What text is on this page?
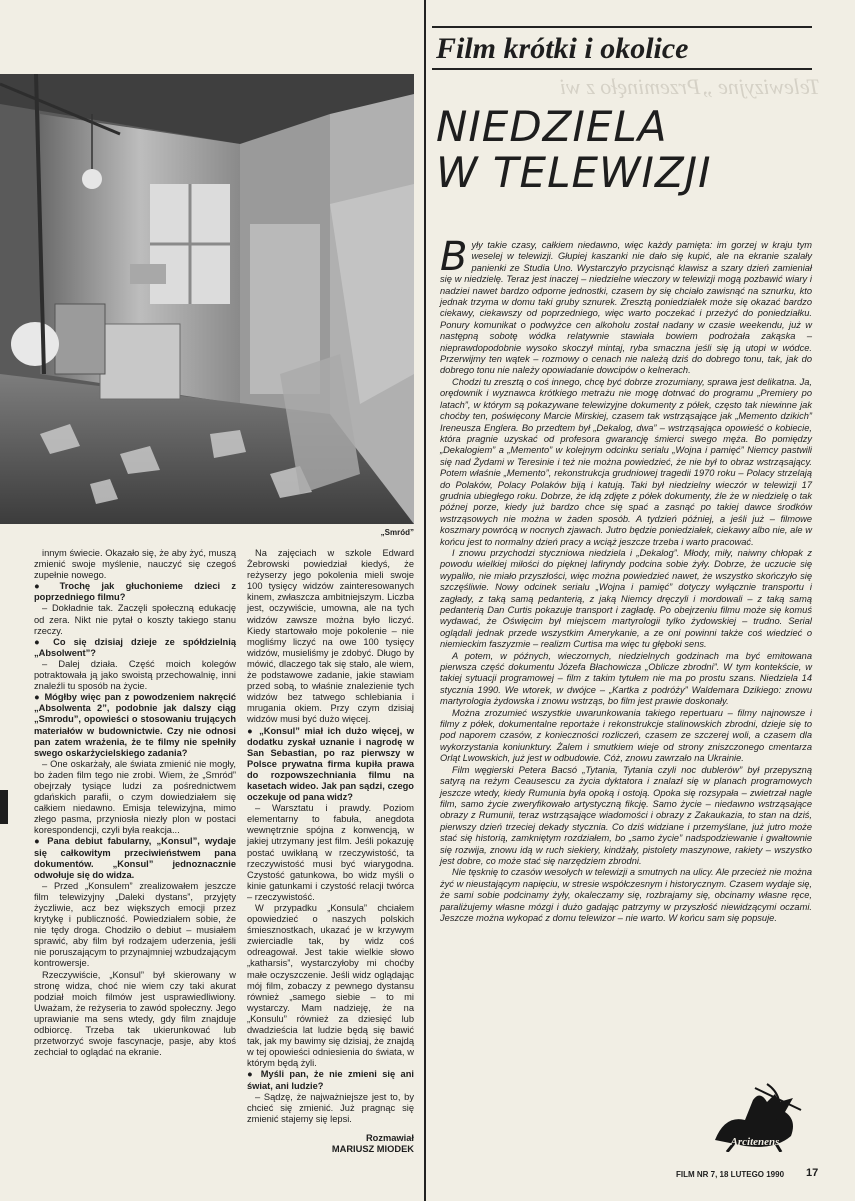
„Smród”

innym świecie. Okazało się, że aby żyć, muszą zmienić swoje myślenie, nauczyć się czegoś zupełnie nowego.

● Trochę jak głuchonieme dzieci z poprzedniego filmu?

– Dokładnie tak. Zaczęli społeczną edukację od zera. Nikt nie pytał o koszty takiego stanu rzeczy.

● Co się dzisiaj dzieje ze spółdzielnią „Absolwent”?

– Dalej działa. Część moich kolegów potraktowała ją jako swoistą przechowalnię, inni znaleźli tu sposób na życie.

● Mógłby więc pan z powodzeniem nakręcić „Absolwenta 2”, podobnie jak dalszy ciąg „Smrodu”, opowieści o stosowaniu trujących materiałów w budownictwie. Czy nie odnosi pan zatem wrażenia, że te filmy nie spełniły swego oskarżycielskiego zadania?

– One oskarżały, ale świata zmienić nie mogły, bo żaden film tego nie zrobi. Wiem, że „Smród” obejrzały tysiące ludzi za pośrednictwem gdańskich parafii, o czym dowiedziałem się całkiem niedawno. Emisja telewizyjna, mimo złego pasma, przyniosła niezły plon w postaci korespondencji, czyli była reakcja...

● Pana debiut fabularny, „Konsul”, wydaje się całkowitym przeciwieństwem pana dokumentów. „Konsul” jednoznacznie odwołuje się do widza.

– Przed „Konsulem” zrealizowałem jeszcze film telewizyjny „Daleki dystans”, przyjęty życzliwie, acz bez większych emocji przez krytykę i publiczność. Powiedziałem sobie, że nie tędy droga. Chodziło o debiut – musiałem sprawić, aby film był rodzajem uderzenia, jeśli nie poruszającym to przynajmniej wzbudzającym kontrowersje.

Rzeczywiście, „Konsul” był skierowany w stronę widza, choć nie wiem czy taki akurat podział moich filmów jest usprawiedliwiony. Uważam, że reżyseria to zawód społeczny. Jego uprawianie ma sens wtedy, gdy film znajduje odbiorcę. Trzeba tak ukierunkować lub przetworzyć swoje fascynacje, pasje, aby ktoś zechciał to oglądać na ekranie.

Na zajęciach w szkole Edward Żebrowski powiedział kiedyś, że reżyserzy jego pokolenia mieli swoje 100 tysięcy widzów zainteresowanych kinem, zwłaszcza ambitniejszym. Liczba jest, oczywiście, umowna, ale na tych widzów zawsze można było liczyć. Kiedy startowało moje pokolenie – nie mogliśmy liczyć na owe 100 tysięcy widzów, musieliśmy je zdobyć. Długo by mówić, dlaczego tak się stało, ale wiem, że podstawowe zadanie, jakie stawiam przed sobą, to właśnie znalezienie tych widzów bez tatwego schlebiania i mrugania okiem. Przy czym dzisiaj widzów musi być dużo więcej.

● „Konsul” miał ich dużo więcej, w dodatku zyskał uznanie i nagrodę w San Sebastian, po raz pierwszy w Polsce prywatna firma kupiła prawa do rozpowszechniania filmu na kasetach wideo. Jak pan sądzi, czego oczekuje od pana widz?

– Warsztatu i prawdy. Poziom elementarny to fabuła, anegdota wewnętrznie spójna z konwencją, w jakiej utrzymany jest film. Jeśli pokazuję postać uwikłaną w rzeczywistość, ta rzeczywistość musi być wiarygodna. Czystość gatunkowa, bo widz myśli o kinie gatunkami i czystość relacji twórca – rzeczywistość.

W przypadku „Konsula” chciałem opowiedzieć o naszych polskich śmiesznostkach, ukazać je w krzywym zwierciadle tak, by widz coś odreagował. Jest takie wielkie słowo „katharsis”, wystarczyłoby mi choćby małe oczyszczenie. Jeśli widz oglądając mój film, zobaczy z pewnego dystansu również „samego siebie – to mi wystarczy. Mam nadzieję, że na „Konsulu” również za dziesięć lub dwadzieścia lat ludzie będą się bawić tak, jak my bawimy się dzisiaj, że znajdą w tej opowieści odniesienia do świata, w którym będą żyli.

● Myśli pan, że nie zmieni się ani świat, ani ludzie?

– Sądzę, że najważniejsze jest to, by chcieć się zmienić. Już pragnąc się zmienić stajemy się lepsi.

Rozmawiał

MARIUSZ MIODEK

Film krótki i okolice
Telewizyjne „Przeminęło z wi
NIEDZIELA
W TELEWIZJI

Były takie czasy, całkiem niedawno, więc każdy pamięta: im gorzej w kraju tym weselej w telewizji. Głupiej kaszanki nie dało się kupić, ale na ekranie szalały panienki ze Studia Uno. Wystarczyło przycisnąć klawisz a szary dzień zamieniał się w niedzielę. Teraz jest inaczej – niedzielne wieczory w telewizji mogą pozbawić wiary i nadziei nawet bardzo odporne jednostki, czasem by się chciało zawisnąć na sznurku, kto jednak trzyma w domu taki gruby sznurek. Zresztą poniedziałek może się okazać bardzo ciekawy, ciekawszy od poprzedniego, więc warto poczekać i przeżyć do poniedziałku. Ponury komunikat o podwyżce cen alkoholu został nadany w czasie weekendu, już w następną sobotę wódka relatywnie stawiała bowiem podrożała zakąska – nieprawdopodobnie wysoko skoczył mintaj, ryba smaczna jeśli się ją utopi w wódce. Przerwijmy ten wątek – rozmowy o cenach nie należą dziś do dobrego tonu, tak, jak do dobrego tonu nie należy opowiadanie dowcipów o kelnerach.

Chodzi tu zresztą o coś innego, chcę być dobrze zrozumiany, sprawa jest delikatna. Ja, orędownik i wyznawca krótkiego metrażu nie mogę dotrwać do programu „Premiery po latach”, w którym są pokazywane telewizyjne dokumenty z półek, często tak niewinne jak choćby ten, poświęcony Marcie Mirskiej, czasem tak wstrząsające jak „Memento dzikich” Ireneusza Englera. Bo przedtem był „Dekalog, dwa” – wstrząsająca opowieść o kobiecie, która pragnie uzyskać od profesora gwarancję śmierci swego męża. Bo pomiędzy „Dekalogiem” a „Memento” w kolejnym odcinku serialu „Wojna i pamięć” Niemcy pastwili się nad Żydami w Teresinie i też nie można powiedzieć, że nie był to obraz wstrząsający. Potem właśnie „Memento”, rekonstrukcja grudniowej tragedii 1970 roku – Polacy strzelają do Polaków, Polacy Polaków biją i katują. Taki był niedzielny wieczór w telewizji 17 grudnia ubiegłego roku. Dobrze, że idą zdjęte z półek dokumenty, źle że w niedzielę o tak późnej porze, kiedy już bardzo chce się spać a zasnąć po takiej dawce środków wstrząsowych nie można w żaden sposób. A tydzień później, a jeśli już – filmowe koszmary powrócą w nocnych zjawach. Jutro będzie poniedziałek, ciekawy albo nie, ale w końcu jest to normalny dzień pracy a wciąż jeszcze trzeba i warto pracować.

I znowu przychodzi styczniowa niedziela i „Dekalog”. Młody, miły, naiwny chłopak z powodu wielkiej miłości do pięknej lafiryndy podcina sobie żyły. Dobrze, że uczucie się wypaliło, nie miało przyszłości, więc można powiedzieć nawet, że wszystko skończyło się szczęśliwie. Nowy odcinek serialu „Wojna i pamięć” dotyczy wyłącznie transportu i zagłady, z taką samą pedanterią, z jaką Niemcy dręczyli i mordowali – z taką samą pedanterią Dan Curtis pokazuje transport i zagładę. Po obejrzeniu filmu może się komuś wydawać, że Oświęcim był miejscem martyrologii tylko żydowskiej – trudno. Serial oglądali jednak przede wszystkim Amerykanie, a ze oni powinni także coś wiedzieć o niemieckim faszyzmie – realizm Curtisa ma więc tu głęboki sens.

A potem, w późnych, wieczornych, niedzielnych godzinach ma być emitowana pierwsza część dokumentu Józefa Błachowicza „Oblicze zbrodni”. W tym kontekście, w takiej sytuacji programowej – film z takim tytułem nie ma po prostu szans. Niedziela 14 stycznia 1990. We wtorek, w dwójce – „Kartka z podróży” Waldemara Dzikiego: znowu martyrologia żydowska i znowu wstrząs, bo film jest prawie doskonały.

Można zrozumieć wszystkie uwarunkowania takiego repertuaru – filmy najnowsze i filmy z półek, dokumentalne reportaże i rekonstrukcje stalinowskich zbrodni, dzieje się to pod naporem czasów, z konieczności rozliczeń, czasem ze szczerej woli, a czasem dla wykorzystania koniunktury. Żalem i smutkiem wieje od strony zniszczonego cmentarza Orląt Lwowskich, już jest w odbudowie. Cóż, znowu zawrzało na Ukrainie.

Film węgierski Petera Bacsó „Tytania, Tytania czyli noc dublerów” był przepyszną satyrą na reżym Ceausescu za życia dyktatora i znalazł się w planach programowych jeszcze wtedy, kiedy Rumunia była opoką i ostoją. Opoka się rozsypała – zwietrzał nagle film, samo życie zweryfikowało artystyczną fikcję. Samo życie – niedawno wstrząsające obrazy z Rumunii, teraz wstrząsające wiadomości i obrazy z Zakaukazia, to stan na dziś, pierwszy dzień trzeciej dekady stycznia. Co dziś widziane i przemyślane, już jutro może stać się historią, zamkniętym rozdziałem, bo „samo życie” nadspodziewanie i gwałtownie się rozwija, znowu idą w ruch siekiery, kindżały, pistolety maszynowe, rakiety – wszystko jest dobre, co może stać się narzędziem zbrodni.

Nie tęsknię to czasów wesołych w telewizji a smutnych na ulicy. Ale przecież nie można żyć w nieustającym napięciu, w stresie współczesnym i historycznym. Czasem wydaje się, że sami sobie podcinamy żyły, okaleczamy się, rozbrajamy się, obcinamy własne ręce, paraliżujemy własne mózgi i dużo gadając patrzymy w przyszłość niewidzącymi oczami. Jeszcze można wykopać z domu telewizor – nie warto. W końcu sam się popsuje.

Arcitenens
FILM NR 7, 18 LUTEGO 1990 17
